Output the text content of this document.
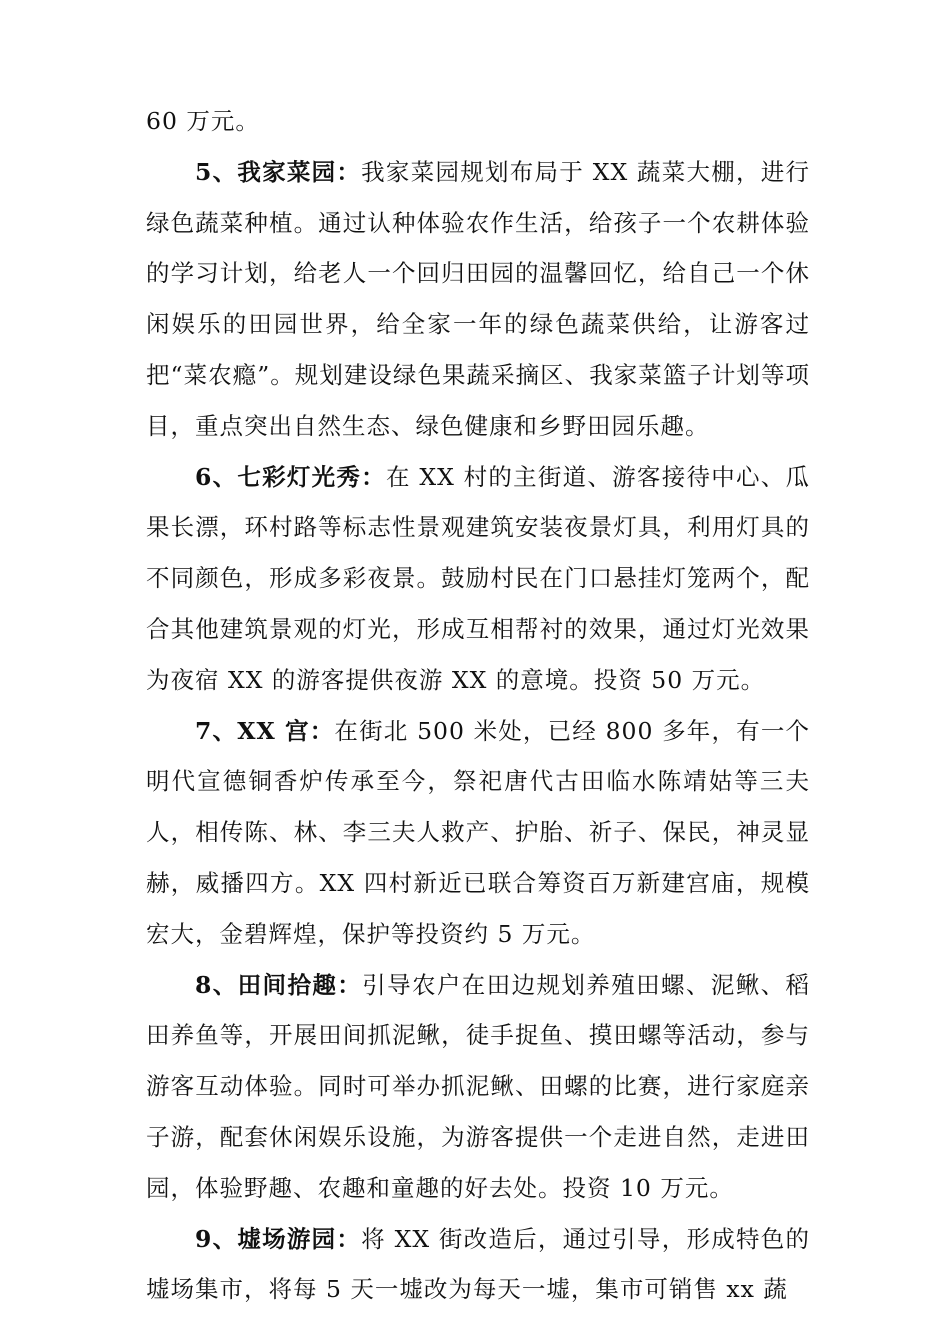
60 万元。

5、我家菜园：我家菜园规划布局于 XX 蔬菜大棚，进行绿色蔬菜种植。通过认种体验农作生活，给孩子一个农耕体验的学习计划，给老人一个回归田园的温馨回忆，给自己一个休闲娱乐的田园世界，给全家一年的绿色蔬菜供给，让游客过把“菜农瘾”。规划建设绿色果蔬采摘区、我家菜篮子计划等项目，重点突出自然生态、绿色健康和乡野田园乐趣。

6、七彩灯光秀：在 XX 村的主街道、游客接待中心、瓜果长漂，环村路等标志性景观建筑安装夜景灯具，利用灯具的不同颜色，形成多彩夜景。鼓励村民在门口悬挂灯笼两个，配合其他建筑景观的灯光，形成互相帮衬的效果，通过灯光效果为夜宿 XX 的游客提供夜游 XX 的意境。投资 50 万元。

7、XX 宫：在街北 500 米处，已经 800 多年，有一个明代宣德铜香炉传承至今，祭祀唐代古田临水陈靖姑等三夫人，相传陈、林、李三夫人救产、护胎、祈子、保民，神灵显赫，威播四方。XX 四村新近已联合筹资百万新建宫庙，规模宏大，金碧辉煌，保护等投资约 5 万元。

8、田间拾趣：引导农户在田边规划养殖田螺、泥鳅、稻田养鱼等，开展田间抓泥鳅，徒手捉鱼、摸田螺等活动，参与游客互动体验。同时可举办抓泥鳅、田螺的比赛，进行家庭亲子游，配套休闲娱乐设施，为游客提供一个走进自然，走进田园，体验野趣、农趣和童趣的好去处。投资 10 万元。

9、墟场游园：将 XX 街改造后，通过引导，形成特色的墟场集市，将每 5 天一墟改为每天一墟，集市可销售 xx 蔬
